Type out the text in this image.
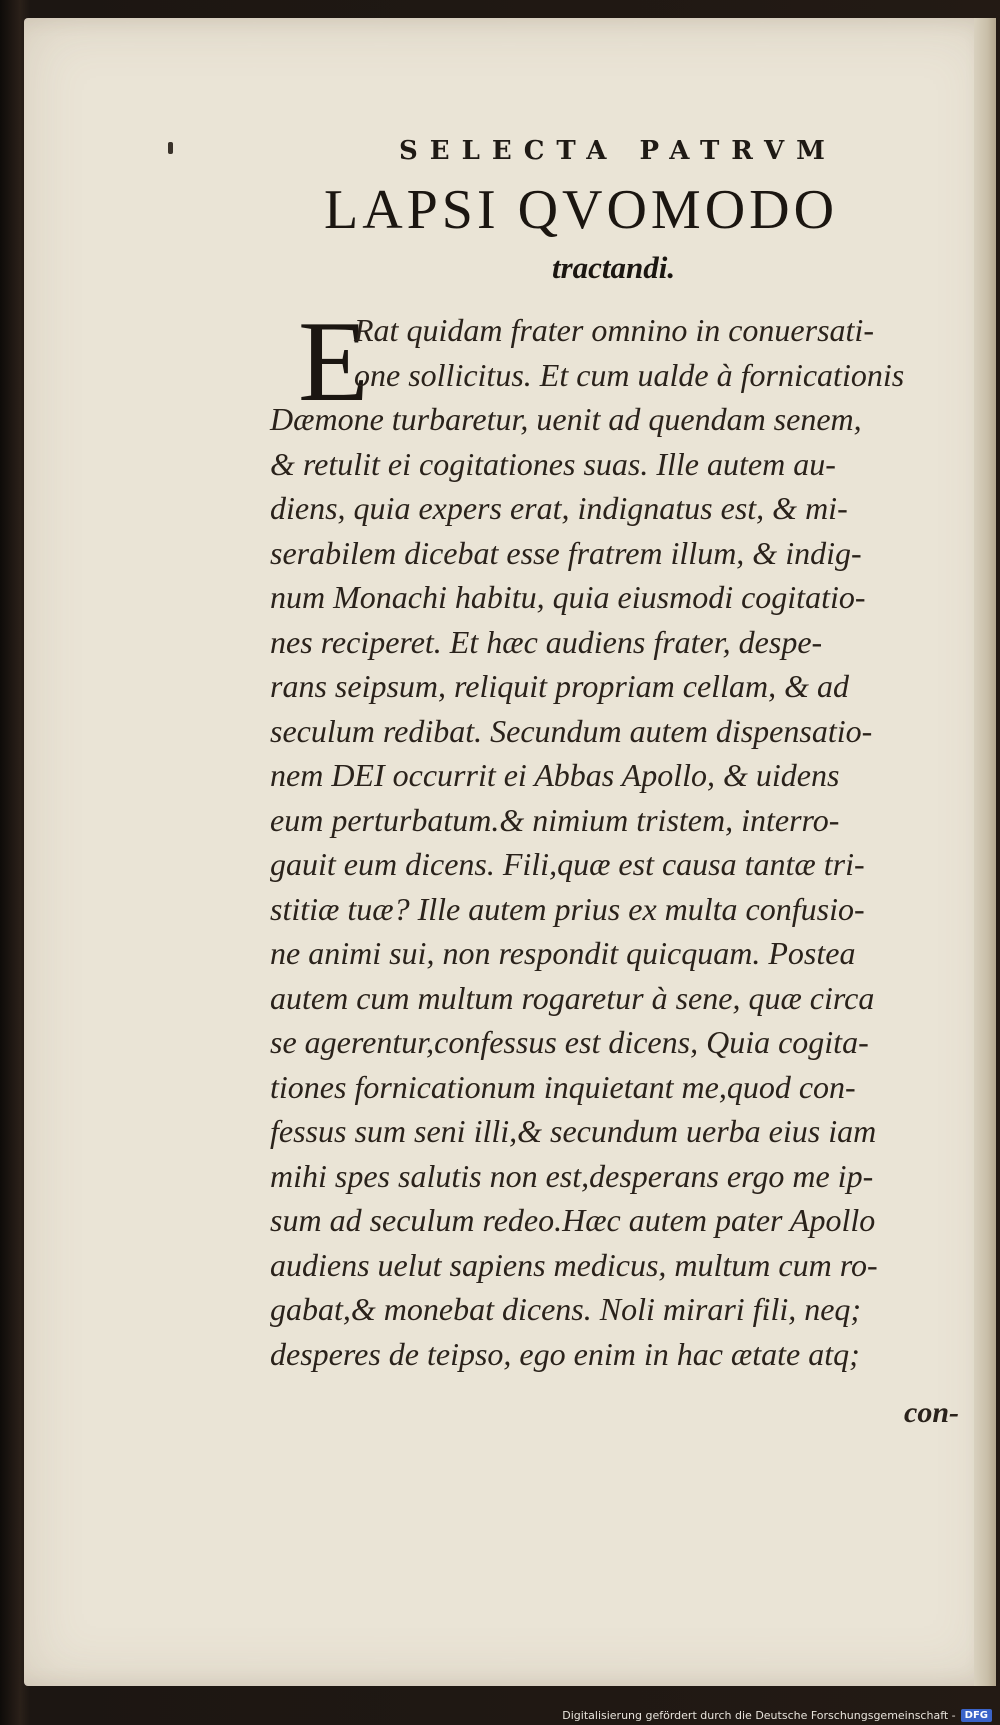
SELECTA PATRVM
LAPSI QVOMODO
tractandi.
E
Rat quidam frater omnino in conuersati-
one sollicitus. Et cum ualde à fornicationis
Dæmone turbaretur, uenit ad quendam senem,
& retulit ei cogitationes suas. Ille autem au-
diens, quia expers erat, indignatus est, & mi-
serabilem dicebat esse fratrem illum, & indig-
num Monachi habitu, quia eiusmodi cogitatio-
nes reciperet. Et hæc audiens frater, despe-
rans seipsum, reliquit propriam cellam, & ad
seculum redibat. Secundum autem dispensatio-
nem DEI occurrit ei Abbas Apollo, & uidens
eum perturbatum.& nimium tristem, interro-
gauit eum dicens. Fili,quæ est causa tantæ tri-
stitiæ tuæ? Ille autem prius ex multa confusio-
ne animi sui, non respondit quicquam. Postea
autem cum multum rogaretur à sene, quæ circa
se agerentur,confessus est dicens, Quia cogita-
tiones fornicationum inquietant me,quod con-
fessus sum seni illi,& secundum uerba eius iam
mihi spes salutis non est,desperans ergo me ip-
sum ad seculum redeo.Hæc autem pater Apollo
audiens uelut sapiens medicus, multum cum ro-
gabat,& monebat dicens. Noli mirari fili, neq;
desperes de teipso, ego enim in hac ætate atq;
con-
Digitalisierung gefördert durch die Deutsche Forschungsgemeinschaft - DFG
